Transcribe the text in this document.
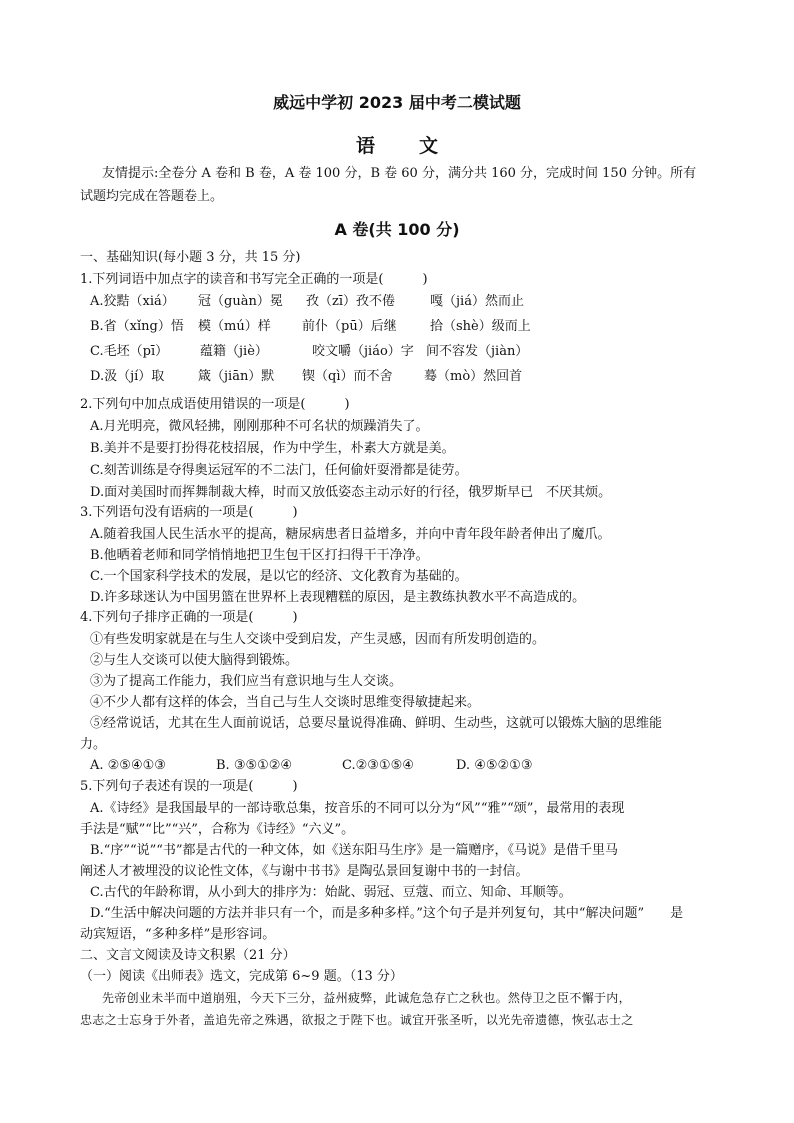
威远中学初 2023 届中考二模试题
语 文
友情提示:全卷分 A 卷和 B 卷，A 卷 100 分，B 卷 60 分，满分共 160 分，完成时间 150 分钟。所有
试题均完成在答题卷上。
A 卷(共 100 分)
一、基础知识(每小题 3 分，共 15 分)
1.下列词语中加点字的读音和书写完全正确的一项是(　　　)
A.狡黠（xiá） 冠（guàn）冕 孜（zī）孜不倦	嘎（jiá）然而止
B.省（xǐng）悟 模（mú）样 前仆（pū）后继	拾（shè）级而上
C.毛坯（pī） 蕴籍（jiè）	咬文嚼（jiáo）字 间不容发（jiàn）
D.汲（jí）取	箴（jiān）默 锲（qì）而不舍 蓦（mò）然回首
2.下列句中加点成语使用错误的一项是(　　　)
A.月光明亮，微风轻拂，刚刚那种不可名状的烦躁消失了。
B.美并不是要打扮得花枝招展，作为中学生，朴素大方就是美。
C.刻苦训练是夺得奥运冠军的不二法门，任何偷奸耍滑都是徒劳。
D.面对美国时而挥舞制裁大棒，时而又放低姿态主动示好的行径，俄罗斯早已　不厌其烦。
3.下列语句没有语病的一项是(　　　)
A.随着我国人民生活水平的提高，糖尿病患者日益增多，并向中青年段年龄者伸出了魔爪。
B.他晒着老师和同学悄悄地把卫生包干区打扫得干干净净。
C.一个国家科学技术的发展，是以它的经济、文化教育为基础的。
D.许多球迷认为中国男篮在世界杯上表现糟糕的原因，是主教练执教水平不高造成的。
4.下列句子排序正确的一项是(　　　)
①有些发明家就是在与生人交谈中受到启发，产生灵感，因而有所发明创造的。
②与生人交谈可以使大脑得到锻炼。
③为了提高工作能力，我们应当有意识地与生人交谈。
④不少人都有这样的体会，当自己与生人交谈时思维变得敏捷起来。
⑤经常说话，尤其在生人面前说话，总要尽量说得准确、鲜明、生动些，这就可以锻炼大脑的思维能
力。
A. ②⑤④①③	B. ③⑤①②④	C.②③①⑤④	D. ④⑤②①③
5.下列句子表述有误的一项是(　　　)
A.《诗经》是我国最早的一部诗歌总集，按音乐的不同可以分为“风”“雅”“颂”，最常用的表现
手法是“赋”“比”“兴”，合称为《诗经》“六义”。
B.“序”“说”“书”都是古代的一种文体，如《送东阳马生序》是一篇赠序，《马说》是借千里马
阐述人才被埋没的议论性文体，《与谢中书书》是陶弘景回复谢中书的一封信。
C.古代的年龄称谓，从小到大的排序为：始龀、弱冠、豆蔻、而立、知命、耳顺等。
D.“生活中解决问题的方法并非只有一个，而是多种多样。”这个句子是并列复句，其中“解决问题”　　是
动宾短语，“多种多样”是形容词。
二、文言文阅读及诗文积累（21 分）
（一）阅读《出师表》选文，完成第 6~9 题。（13 分）
先帝创业未半而中道崩殂，今天下三分，益州疲弊，此诚危急存亡之秋也。然侍卫之臣不懈于内，
忠志之士忘身于外者，盖追先帝之殊遇，欲报之于陛下也。诚宜开张圣听，以光先帝遗德，恢弘志士之
